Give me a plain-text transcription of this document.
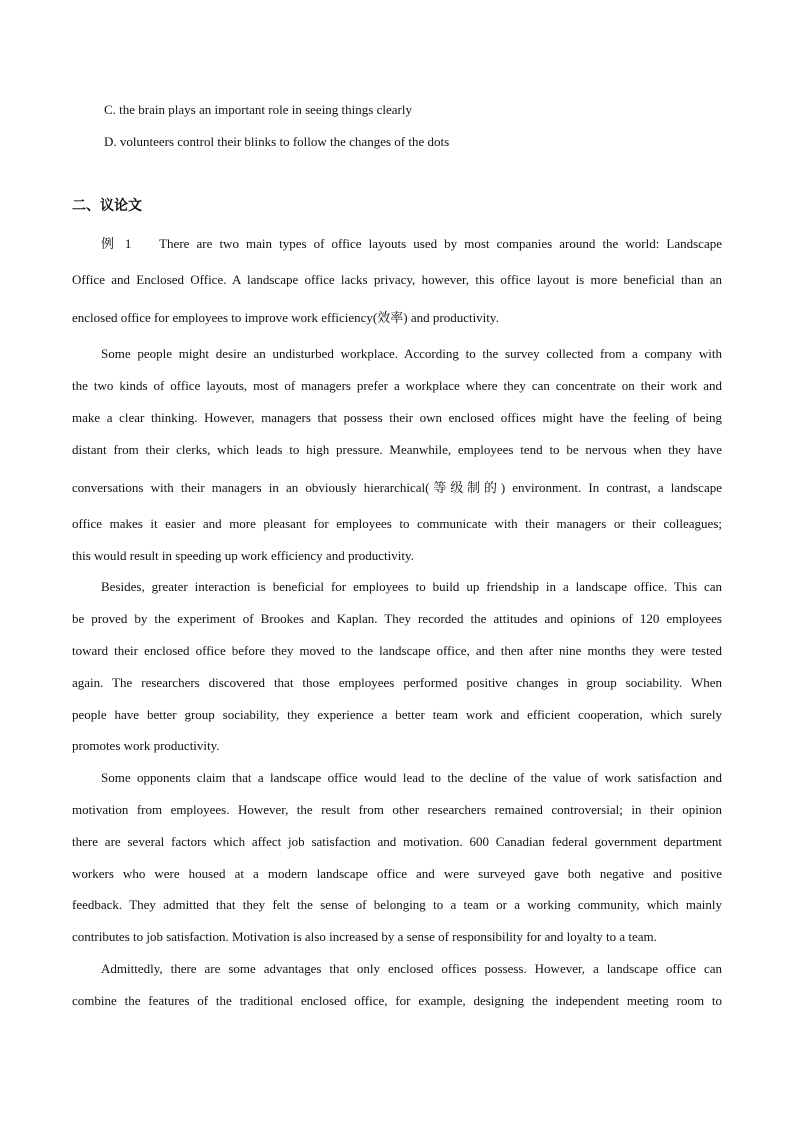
C. the brain plays an important role in seeing things clearly
D. volunteers control their blinks to follow the changes of the dots
二、议论文
例 1　 There are two main types of office layouts used by most companies around the world: Landscape
Office and Enclosed Office. A landscape office lacks privacy, however, this office layout is more beneficial than an
enclosed office for employees to improve work efficiency(效率) and productivity.
Some people might desire an undisturbed workplace. According to the survey collected from a company with
the two kinds of office layouts, most of managers prefer a workplace where they can concentrate on their work and
make a clear thinking. However, managers that possess their own enclosed offices might have the feeling of being
distant from their clerks, which leads to high pressure. Meanwhile, employees tend to be nervous when they have
conversations with their managers in an obviously hierarchical(等级制的) environment. In contrast, a landscape
office makes it easier and more pleasant for employees to communicate with their managers or their colleagues;
this would result in speeding up work efficiency and productivity.
Besides, greater interaction is beneficial for employees to build up friendship in a landscape office. This can
be proved by the experiment of Brookes and Kaplan. They recorded the attitudes and opinions of 120 employees
toward their enclosed office before they moved to the landscape office, and then after nine months they were tested
again. The researchers discovered that those employees performed positive changes in group sociability. When
people have better group sociability, they experience a better team work and efficient cooperation, which surely
promotes work productivity.
Some opponents claim that a landscape office would lead to the decline of the value of work satisfaction and
motivation from employees. However, the result from other researchers remained controversial; in their opinion
there are several factors which affect job satisfaction and motivation. 600 Canadian federal government department
workers who were housed at a modern landscape office and were surveyed gave both negative and positive
feedback. They admitted that they felt the sense of belonging to a team or a working community, which mainly
contributes to job satisfaction. Motivation is also increased by a sense of responsibility for and loyalty to a team.
Admittedly, there are some advantages that only enclosed offices possess. However, a landscape office can
combine the features of the traditional enclosed office, for example, designing the independent meeting room to
